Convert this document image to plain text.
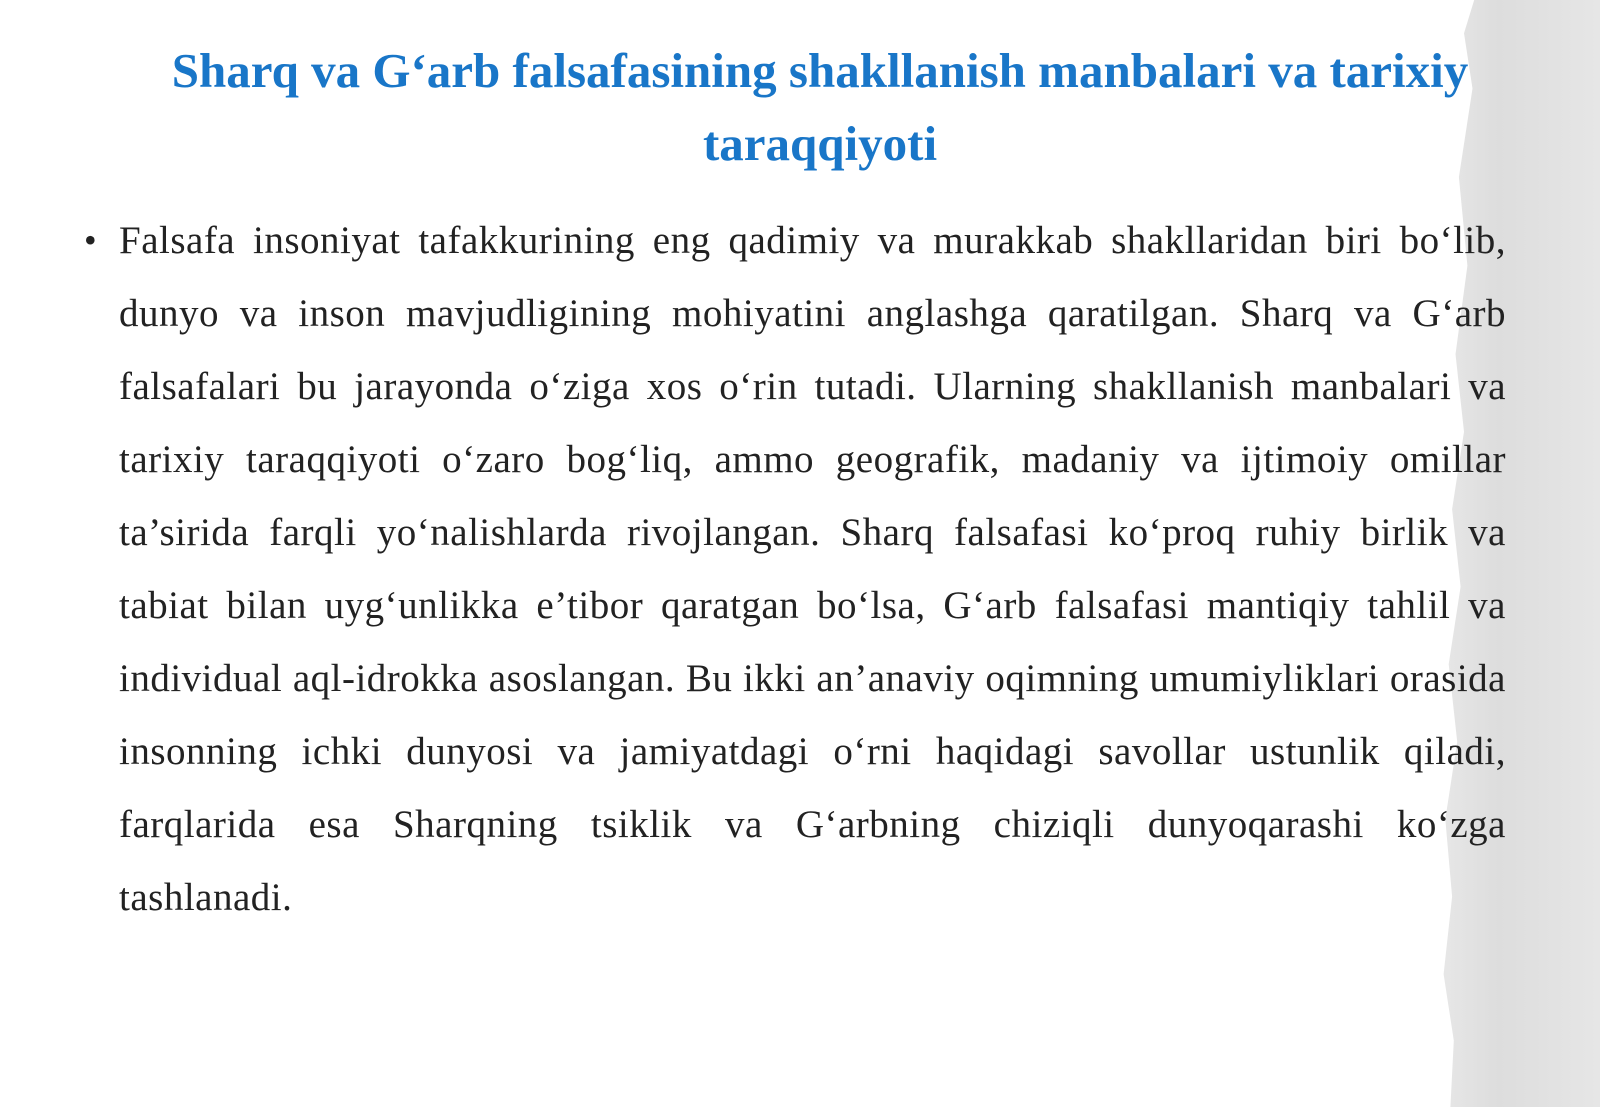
Sharq va G‘arb falsafasining shakllanish manbalari va tarixiy taraqqiyoti
• Falsafa insoniyat tafakkurining eng qadimiy va murakkab shakllaridan biri bo‘lib, dunyo va inson mavjudligining mohiyatini anglashga qaratilgan. Sharq va G‘arb falsafalari bu jarayonda o‘ziga xos o‘rin tutadi. Ularning shakllanish manbalari va tarixiy taraqqiyoti o‘zaro bog‘liq, ammo geografik, madaniy va ijtimoiy omillar ta’sirida farqli yo‘nalishlarda rivojlangan. Sharq falsafasi ko‘proq ruhiy birlik va tabiat bilan uyg‘unlikka e’tibor qaratgan bo‘lsa, G‘arb falsafasi mantiqiy tahlil va individual aql-idrokka asoslangan. Bu ikki an’anaviy oqimning umumiyliklari orasida insonning ichki dunyosi va jamiyatdagi o‘rni haqidagi savollar ustunlik qiladi, farqlarida esa Sharqning tsiklik va G‘arbning chiziqli dunyoqarashi ko‘zga tashlanadi.
